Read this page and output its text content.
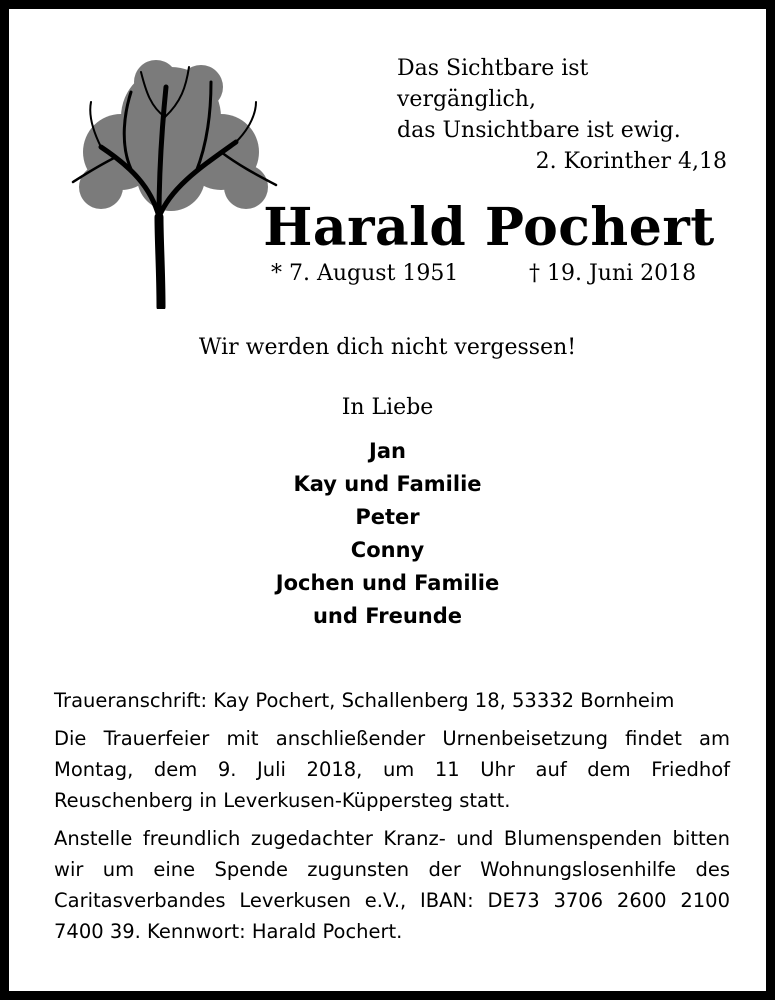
Das Sichtbare ist vergänglich,
das Unsichtbare ist ewig.
2. Korinther 4,18
Harald Pochert
* 7. August 1951	† 19. Juni 2018
Wir werden dich nicht vergessen!
In Liebe
Jan
Kay und Familie
Peter
Conny
Jochen und Familie
und Freunde

Traueranschrift: Kay Pochert, Schallenberg 18, 53332 Bornheim

Die Trauerfeier mit anschließender Urnenbeisetzung findet am Montag, dem 9. Juli 2018, um 11 Uhr auf dem Friedhof Reuschenberg in Leverkusen-Küppersteg statt.

Anstelle freundlich zugedachter Kranz- und Blumenspenden bitten wir um eine Spende zugunsten der Wohnungslosenhilfe des Caritasverbandes Leverkusen e.V., IBAN: DE73 3706 2600 2100 7400 39. Kennwort: Harald Pochert.
